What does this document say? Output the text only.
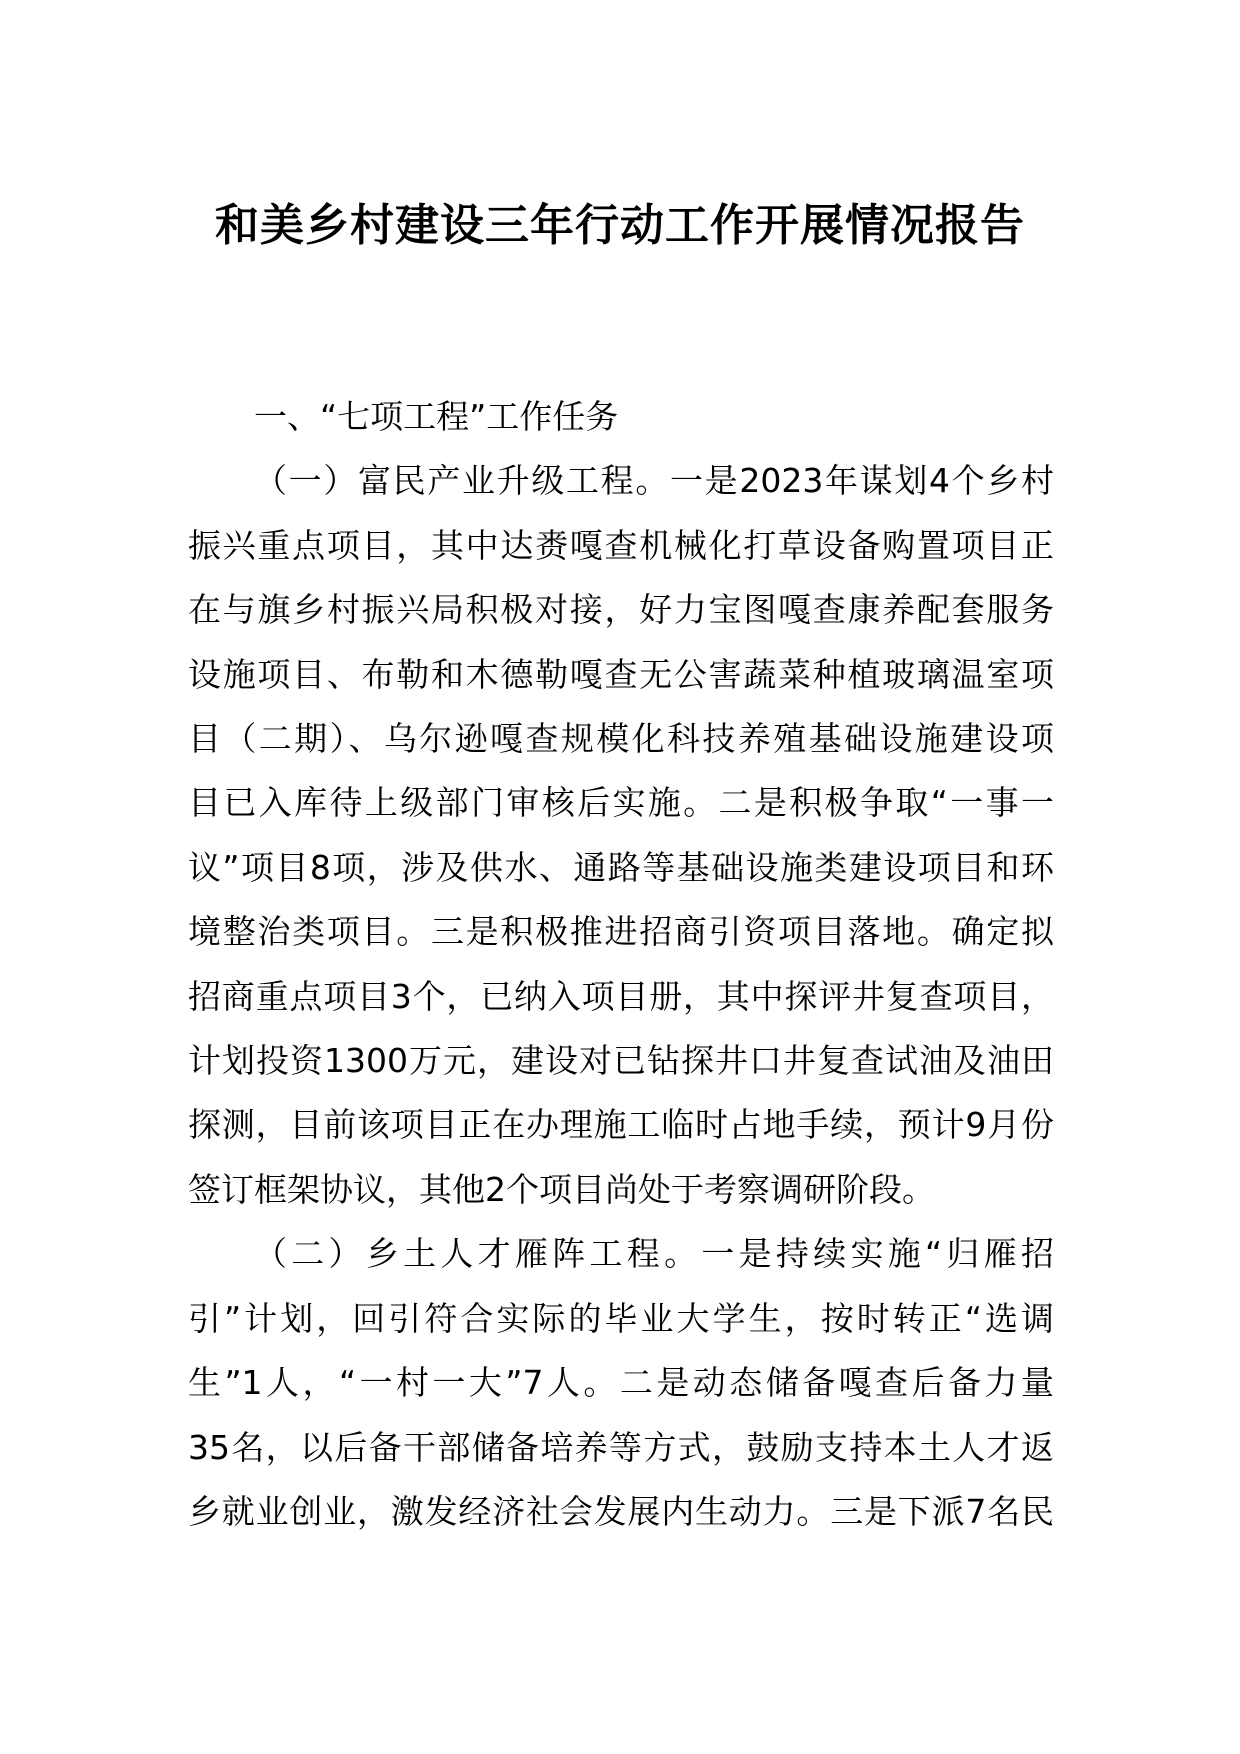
和美乡村建设三年行动工作开展情况报告
一、“七项工程”工作任务
（一）富民产业升级工程。一是2023年谋划4个乡村
振兴重点项目，其中达赉嘎查机械化打草设备购置项目正
在与旗乡村振兴局积极对接，好力宝图嘎查康养配套服务
设施项目、布勒和木德勒嘎查无公害蔬菜种植玻璃温室项
目（二期）、乌尔逊嘎查规模化科技养殖基础设施建设项
目已入库待上级部门审核后实施。二是积极争取“一事一
议”项目8项，涉及供水、通路等基础设施类建设项目和环
境整治类项目。三是积极推进招商引资项目落地。确定拟
招商重点项目3个，已纳入项目册，其中探评井复查项目，
计划投资1300万元，建设对已钻探井口井复查试油及油田
探测，目前该项目正在办理施工临时占地手续，预计9月份
签订框架协议，其他2个项目尚处于考察调研阶段。
（二）乡土人才雁阵工程。一是持续实施“归雁招
引”计划，回引符合实际的毕业大学生，按时转正“选调
生”1人，“一村一大”7人。二是动态储备嘎查后备力量
35名，以后备干部储备培养等方式，鼓励支持本土人才返
乡就业创业，激发经济社会发展内生动力。三是下派7名民
